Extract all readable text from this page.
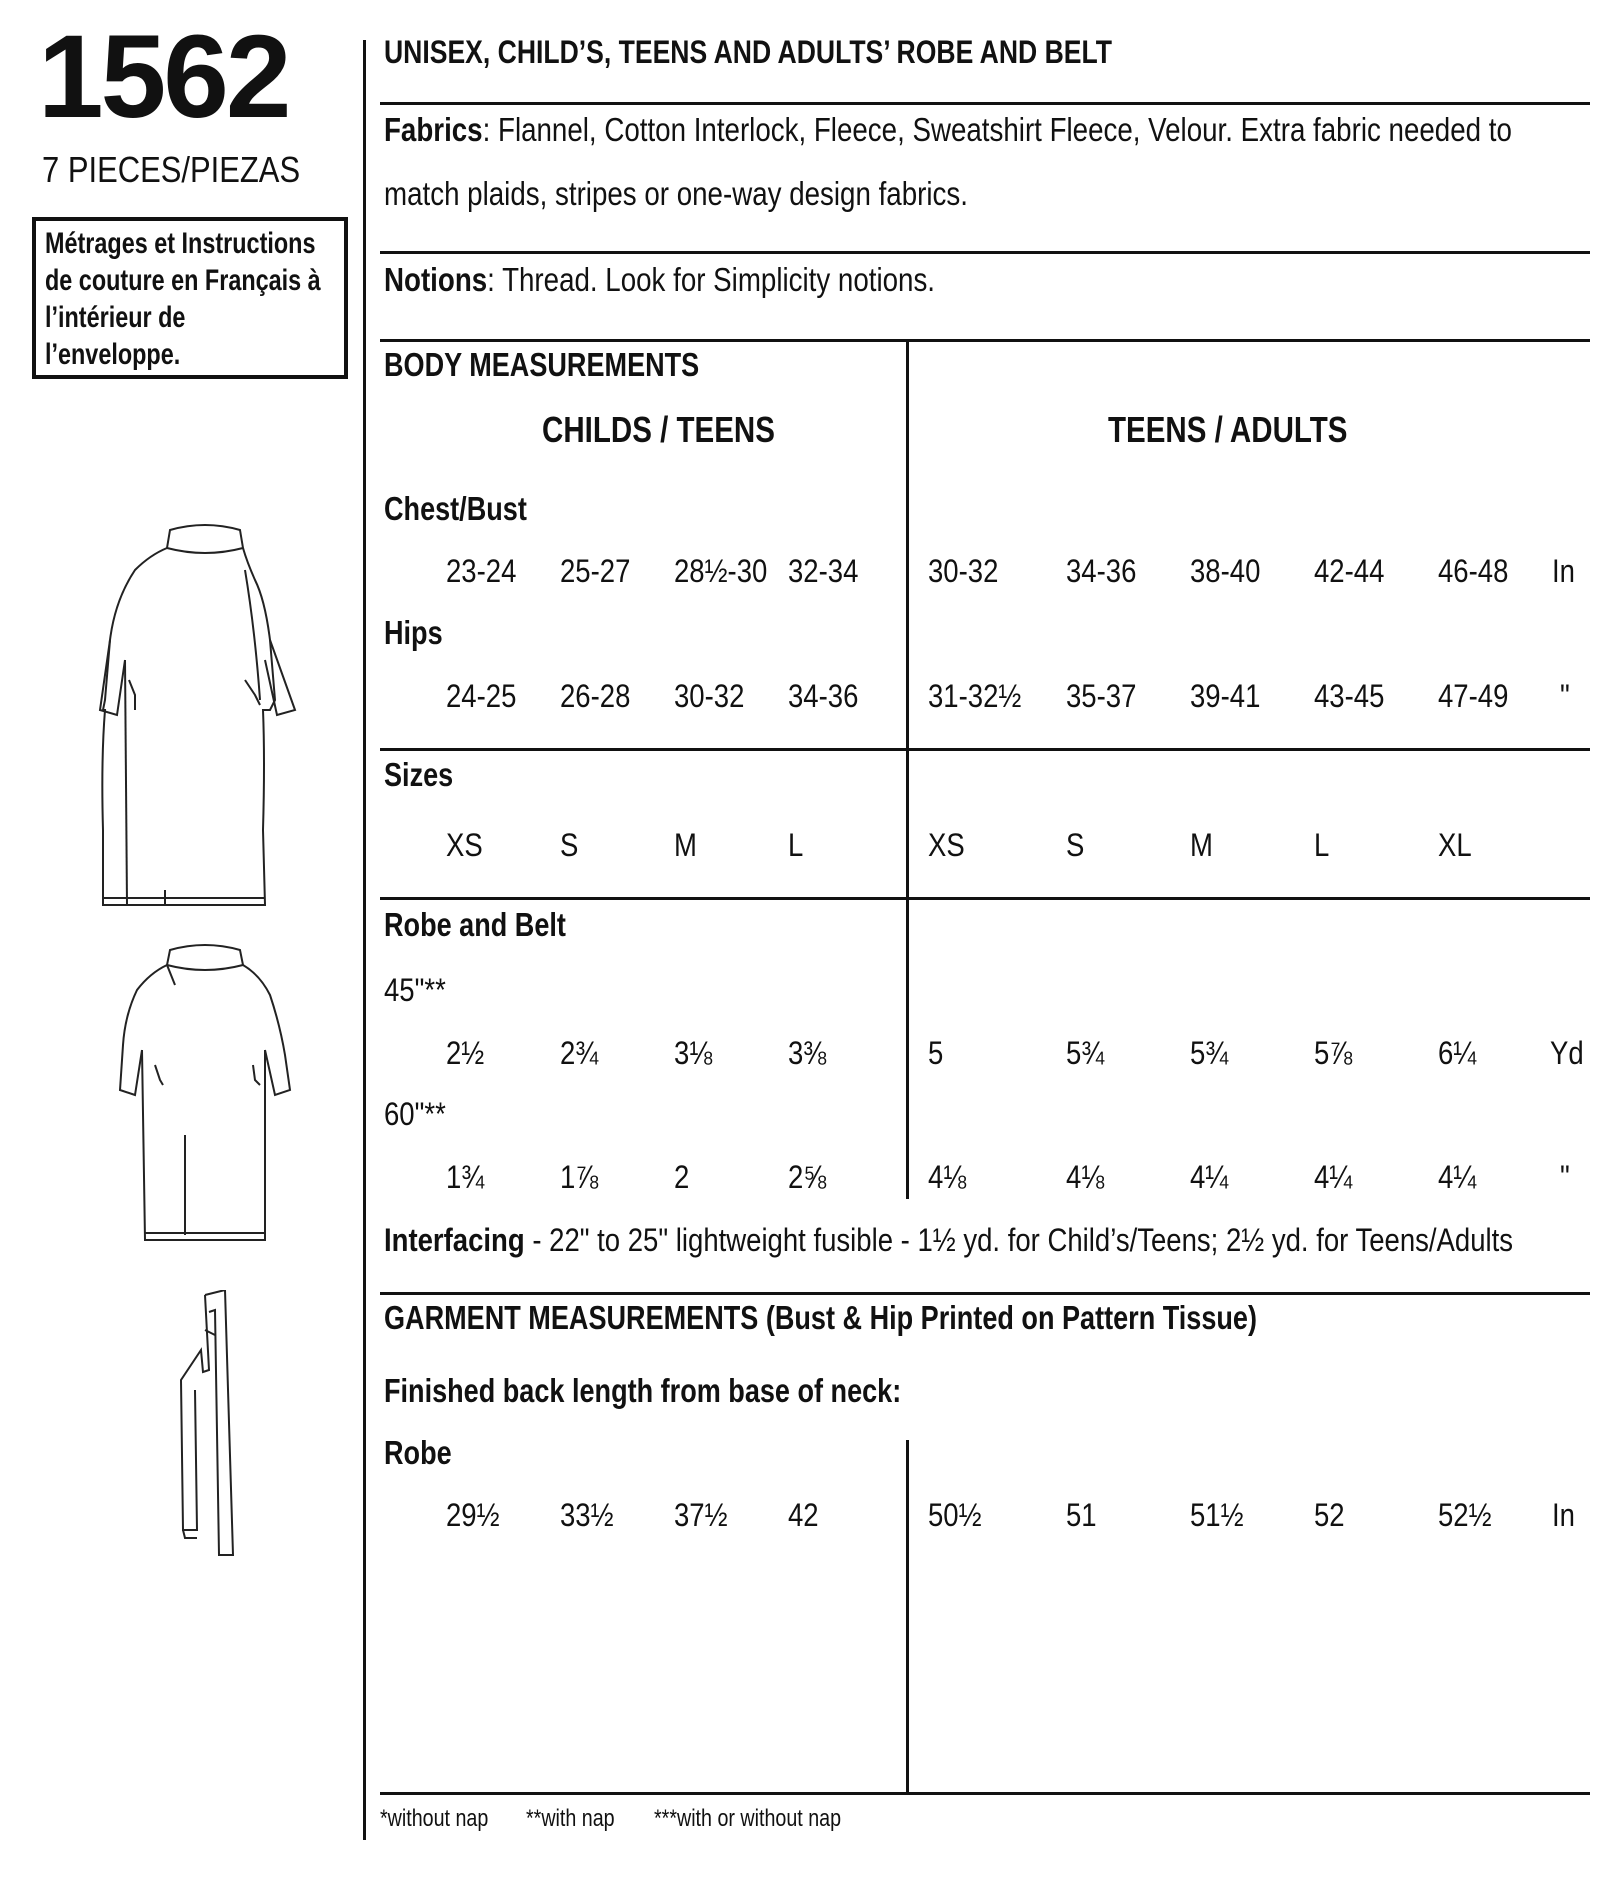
1562
7 PIECES/PIEZAS
Métrages et Instructions
de couture en Français à
l’intérieur de
l’enveloppe.
UNISEX, CHILD’S, TEENS AND ADULTS’ ROBE AND BELT
Fabrics: Flannel, Cotton Interlock, Fleece, Sweatshirt Fleece, Velour. Extra fabric needed to
match plaids, stripes or one-way design fabrics.
Notions: Thread. Look for Simplicity notions.
BODY MEASUREMENTS
CHILDS / TEENS	TEENS / ADULTS
Chest/Bust
23-24 25-27 28½-30 32-34 30-32 34-36 38-40 42-44 46-48 In
Hips
24-25 26-28 30-32 34-36 31-32½ 35-37 39-41 43-45 47-49 "
Sizes
XS S	M	L	XS	S	M	L	XL
Robe and Belt
45"**
2½ 2¾ 3⅛ 3⅜	5	5¾	5¾	5⅞	6¼ Yd
60"**
1¾ 1⅞ 2	2⅝	4⅛	4⅛	4¼	4¼	4¼	"
Interfacing - 22" to 25" lightweight fusible - 1½ yd. for Child’s/Teens; 2½ yd. for Teens/Adults
GARMENT MEASUREMENTS (Bust & Hip Printed on Pattern Tissue)
Finished back length from base of neck:
Robe
29½ 33½ 37½ 42	50½	51	51½ 52	52½ In
*without nap **with nap ***with or without nap
